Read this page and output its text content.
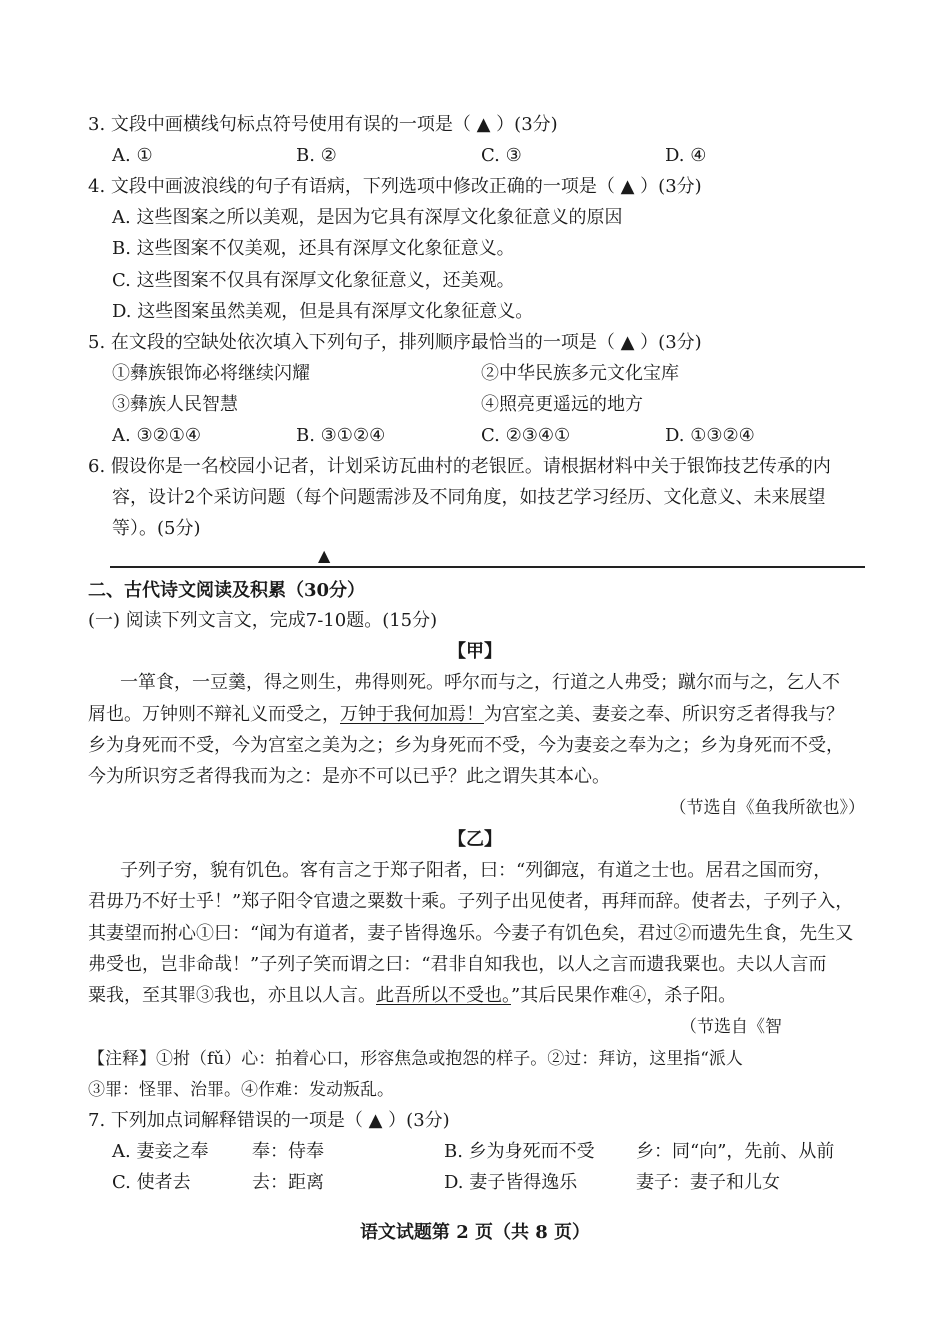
3. 文段中画横线句标点符号使用有误的一项是（ ▲ ）(3分)
A. ①	B. ②	C. ③	D. ④
4. 文段中画波浪线的句子有语病，下列选项中修改正确的一项是（ ▲ ）(3分)
A. 这些图案之所以美观，是因为它具有深厚文化象征意义的原因
B. 这些图案不仅美观，还具有深厚文化象征意义。
C. 这些图案不仅具有深厚文化象征意义，还美观。
D. 这些图案虽然美观，但是具有深厚文化象征意义。
5. 在文段的空缺处依次填入下列句子，排列顺序最恰当的一项是（ ▲ ）(3分)
①彝族银饰必将继续闪耀	②中华民族多元文化宝库
③彝族人民智慧	④照亮更遥远的地方
A. ③②①④	B. ③①②④	C. ②③④①	D. ①③②④
6. 假设你是一名校园小记者，计划采访瓦曲村的老银匠。请根据材料中关于银饰技艺传承的内
容，设计2个采访问题（每个问题需涉及不同角度，如技艺学习经历、文化意义、未来展望
等）。(5分)
▲
二、古代诗文阅读及积累（30分）
(一) 阅读下列文言文，完成7-10题。(15分)
【甲】
一箪食，一豆羹，得之则生，弗得则死。呼尔而与之，行道之人弗受；蹴尔而与之，乞人不
屑也。万钟则不辩礼义而受之，万钟于我何加焉！为宫室之美、妻妾之奉、所识穷乏者得我与？
乡为身死而不受，今为宫室之美为之；乡为身死而不受，今为妻妾之奉为之；乡为身死而不受，
今为所识穷乏者得我而为之：是亦不可以已乎？此之谓失其本心。
（节选自《鱼我所欲也》）
【乙】
子列子穷，貌有饥色。客有言之于郑子阳者，曰：“列御寇，有道之士也。居君之国而穷，
君毋乃不好士乎！”郑子阳令官遗之粟数十乘。子列子出见使者，再拜而辞。使者去，子列子入，
其妻望而拊心①曰：“闻为有道者，妻子皆得逸乐。今妻子有饥色矣，君过②而遗先生食，先生又
弗受也，岂非命哉！”子列子笑而谓之曰：“君非自知我也，以人之言而遗我粟也。夫以人言而
粟我，至其罪③我也，亦且以人言。此吾所以不受也。”其后民果作难④，杀子阳。
（节选自《智
【注释】①拊（fǔ）心：拍着心口，形容焦急或抱怨的样子。②过：拜访，这里指“派人
③罪：怪罪、治罪。④作难：发动叛乱。
7. 下列加点词解释错误的一项是（ ▲ ）(3分)
A. 妻妾之奉 奉：侍奉	B. 乡为身死而不受 乡：同“向”，先前、从前
C. 使者去	去：距离	D. 妻子皆得逸乐	妻子：妻子和儿女
语文试题第 2 页（共 8 页）
